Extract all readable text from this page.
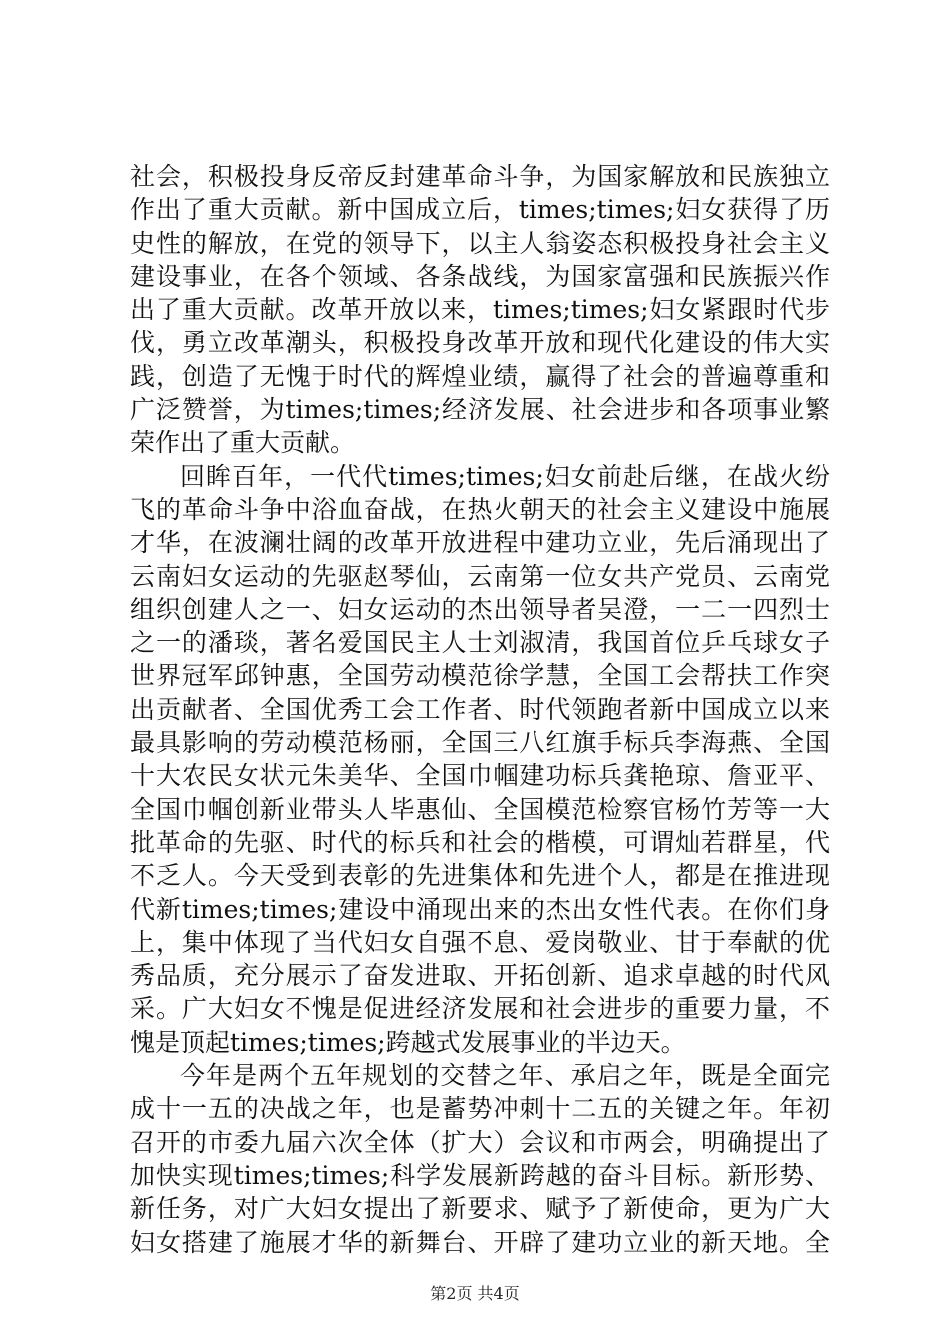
社会，积极投身反帝反封建革命斗争，为国家解放和民族独立
作出了重大贡献。新中国成立后，times;times;妇女获得了历
史性的解放，在党的领导下，以主人翁姿态积极投身社会主义
建设事业，在各个领域、各条战线，为国家富强和民族振兴作
出了重大贡献。改革开放以来，times;times;妇女紧跟时代步
伐，勇立改革潮头，积极投身改革开放和现代化建设的伟大实
践，创造了无愧于时代的辉煌业绩，赢得了社会的普遍尊重和
广泛赞誉，为times;times;经济发展、社会进步和各项事业繁
荣作出了重大贡献。
回眸百年，一代代times;times;妇女前赴后继，在战火纷
飞的革命斗争中浴血奋战，在热火朝天的社会主义建设中施展
才华，在波澜壮阔的改革开放进程中建功立业，先后涌现出了
云南妇女运动的先驱赵琴仙，云南第一位女共产党员、云南党
组织创建人之一、妇女运动的杰出领导者吴澄，一二一四烈士
之一的潘琰，著名爱国民主人士刘淑清，我国首位乒乓球女子
世界冠军邱钟惠，全国劳动模范徐学慧，全国工会帮扶工作突
出贡献者、全国优秀工会工作者、时代领跑者新中国成立以来
最具影响的劳动模范杨丽，全国三八红旗手标兵李海燕、全国
十大农民女状元朱美华、全国巾帼建功标兵龚艳琼、詹亚平、
全国巾帼创新业带头人毕惠仙、全国模范检察官杨竹芳等一大
批革命的先驱、时代的标兵和社会的楷模，可谓灿若群星，代
不乏人。今天受到表彰的先进集体和先进个人，都是在推进现
代新times;times;建设中涌现出来的杰出女性代表。在你们身
上，集中体现了当代妇女自强不息、爱岗敬业、甘于奉献的优
秀品质，充分展示了奋发进取、开拓创新、追求卓越的时代风
采。广大妇女不愧是促进经济发展和社会进步的重要力量，不
愧是顶起times;times;跨越式发展事业的半边天。
今年是两个五年规划的交替之年、承启之年，既是全面完
成十一五的决战之年，也是蓄势冲刺十二五的关键之年。年初
召开的市委九届六次全体（扩大）会议和市两会，明确提出了
加快实现times;times;科学发展新跨越的奋斗目标。新形势、
新任务，对广大妇女提出了新要求、赋予了新使命，更为广大
妇女搭建了施展才华的新舞台、开辟了建功立业的新天地。全
第2页 共4页
